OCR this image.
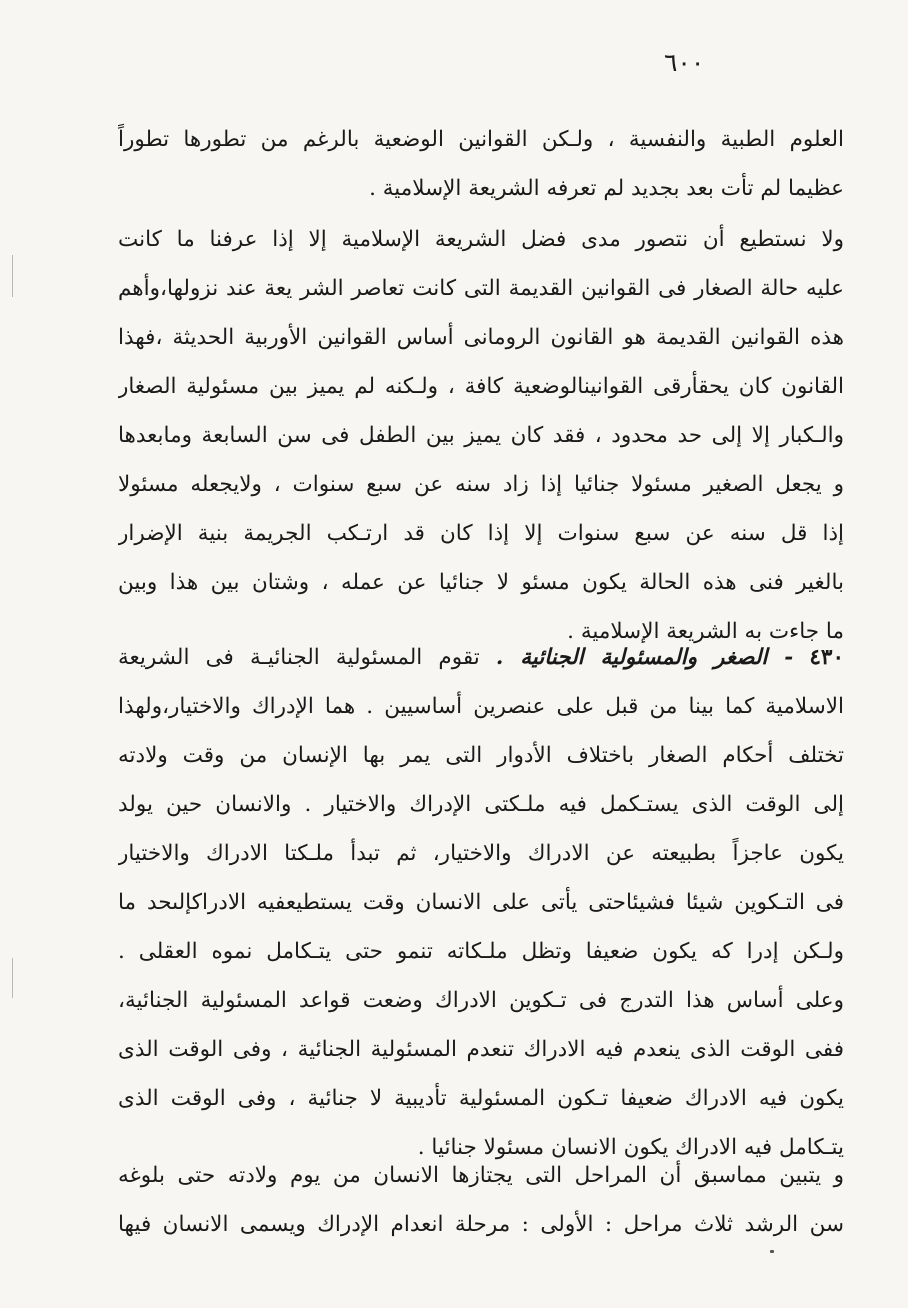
٦٠٠
العلوم الطبية والنفسية ، ولـكن القوانين الوضعية بالرغم من تطورها تطوراً
عظيما لم تأت بعد بجديد لم تعرفه الشريعة الإسلامية .
ولا نستطيع أن نتصور مدى فضل الشريعة الإسلامية إلا إذا عرفنا ما كانت
عليه حالة الصغار فى القوانين القديمة التى كانت تعاصر الشر يعة عند نزولها،وأهم
هذه القوانين القديمة هو القانون الرومانى أساس القوانين الأوربية الحديثة ،فهذا
القانون كان يحقأرقى القوانينالوضعية كافة ، ولـكنه لم يميز بين مسئولية الصغار
والـكبار إلا إلى حد محدود ، فقد كان يميز بين الطفل فى سن السابعة ومابعدها
و يجعل الصغير مسئولا جنائيا إذا زاد سنه عن سبع سنوات ، ولايجعله مسئولا
إذا قل سنه عن سبع سنوات إلا إذا كان قد ارتـكب الجريمة بنية الإضرار
بالغير فنى هذه الحالة يكون مسئو لا جنائيا عن عمله ، وشتان بين هذا وبين
ما جاءت به الشريعة الإسلامية .
٤٣٠ - الصغر والمسئولية الجنائية . تقوم المسئولية الجنائيـة فى الشريعة
الاسلامية كما بينا من قبل على عنصرين أساسيين . هما الإدراك والاختيار،ولهذا
تختلف أحكام الصغار باختلاف الأدوار التى يمر بها الإنسان من وقت ولادته
إلى الوقت الذى يستـكمل فيه ملـكتى الإدراك والاختيار . والانسان حين يولد
يكون عاجزاً بطبيعته عن الادراك والاختيار، ثم تبدأ ملـكتا الادراك والاختيار
فى التـكوين شيئا فشيئاحتى يأتى على الانسان وقت يستطيعفيه الادراكإلىحد ما
ولـكن إدرا كه يكون ضعيفا وتظل ملـكاته تنمو حتى يتـكامل نموه العقلى .
وعلى أساس هذا التدرج فى تـكوين الادراك وضعت قواعد المسئولية الجنائية،
ففى الوقت الذى ينعدم فيه الادراك تنعدم المسئولية الجنائية ، وفى الوقت الذى
يكون فيه الادراك ضعيفا تـكون المسئولية تأديبية لا جنائية ، وفى الوقت الذى
يتـكامل فيه الادراك يكون الانسان مسئولا جنائيا .
و يتبين مماسبق أن المراحل التى يجتازها الانسان من يوم ولادته حتى بلوغه
سن الرشد ثلاث مراحل : الأولى : مرحلة انعدام الإدراك ويسمى الانسان فيها
